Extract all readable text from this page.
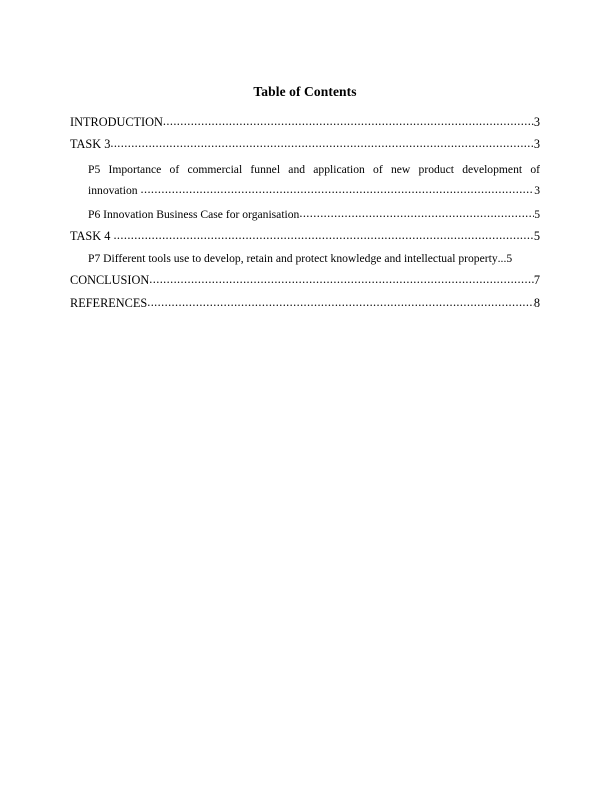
Table of Contents
INTRODUCTION .....	3
TASK 3 .....	3
P5 Importance of commercial funnel and application of new product development of
innovation .....	3
P6 Innovation Business Case for organisation .....	5
TASK 4 .....	5
P7 Different tools use to develop, retain and protect knowledge and intellectual property ... 5
CONCLUSION .....	7
REFERENCES .....	8
